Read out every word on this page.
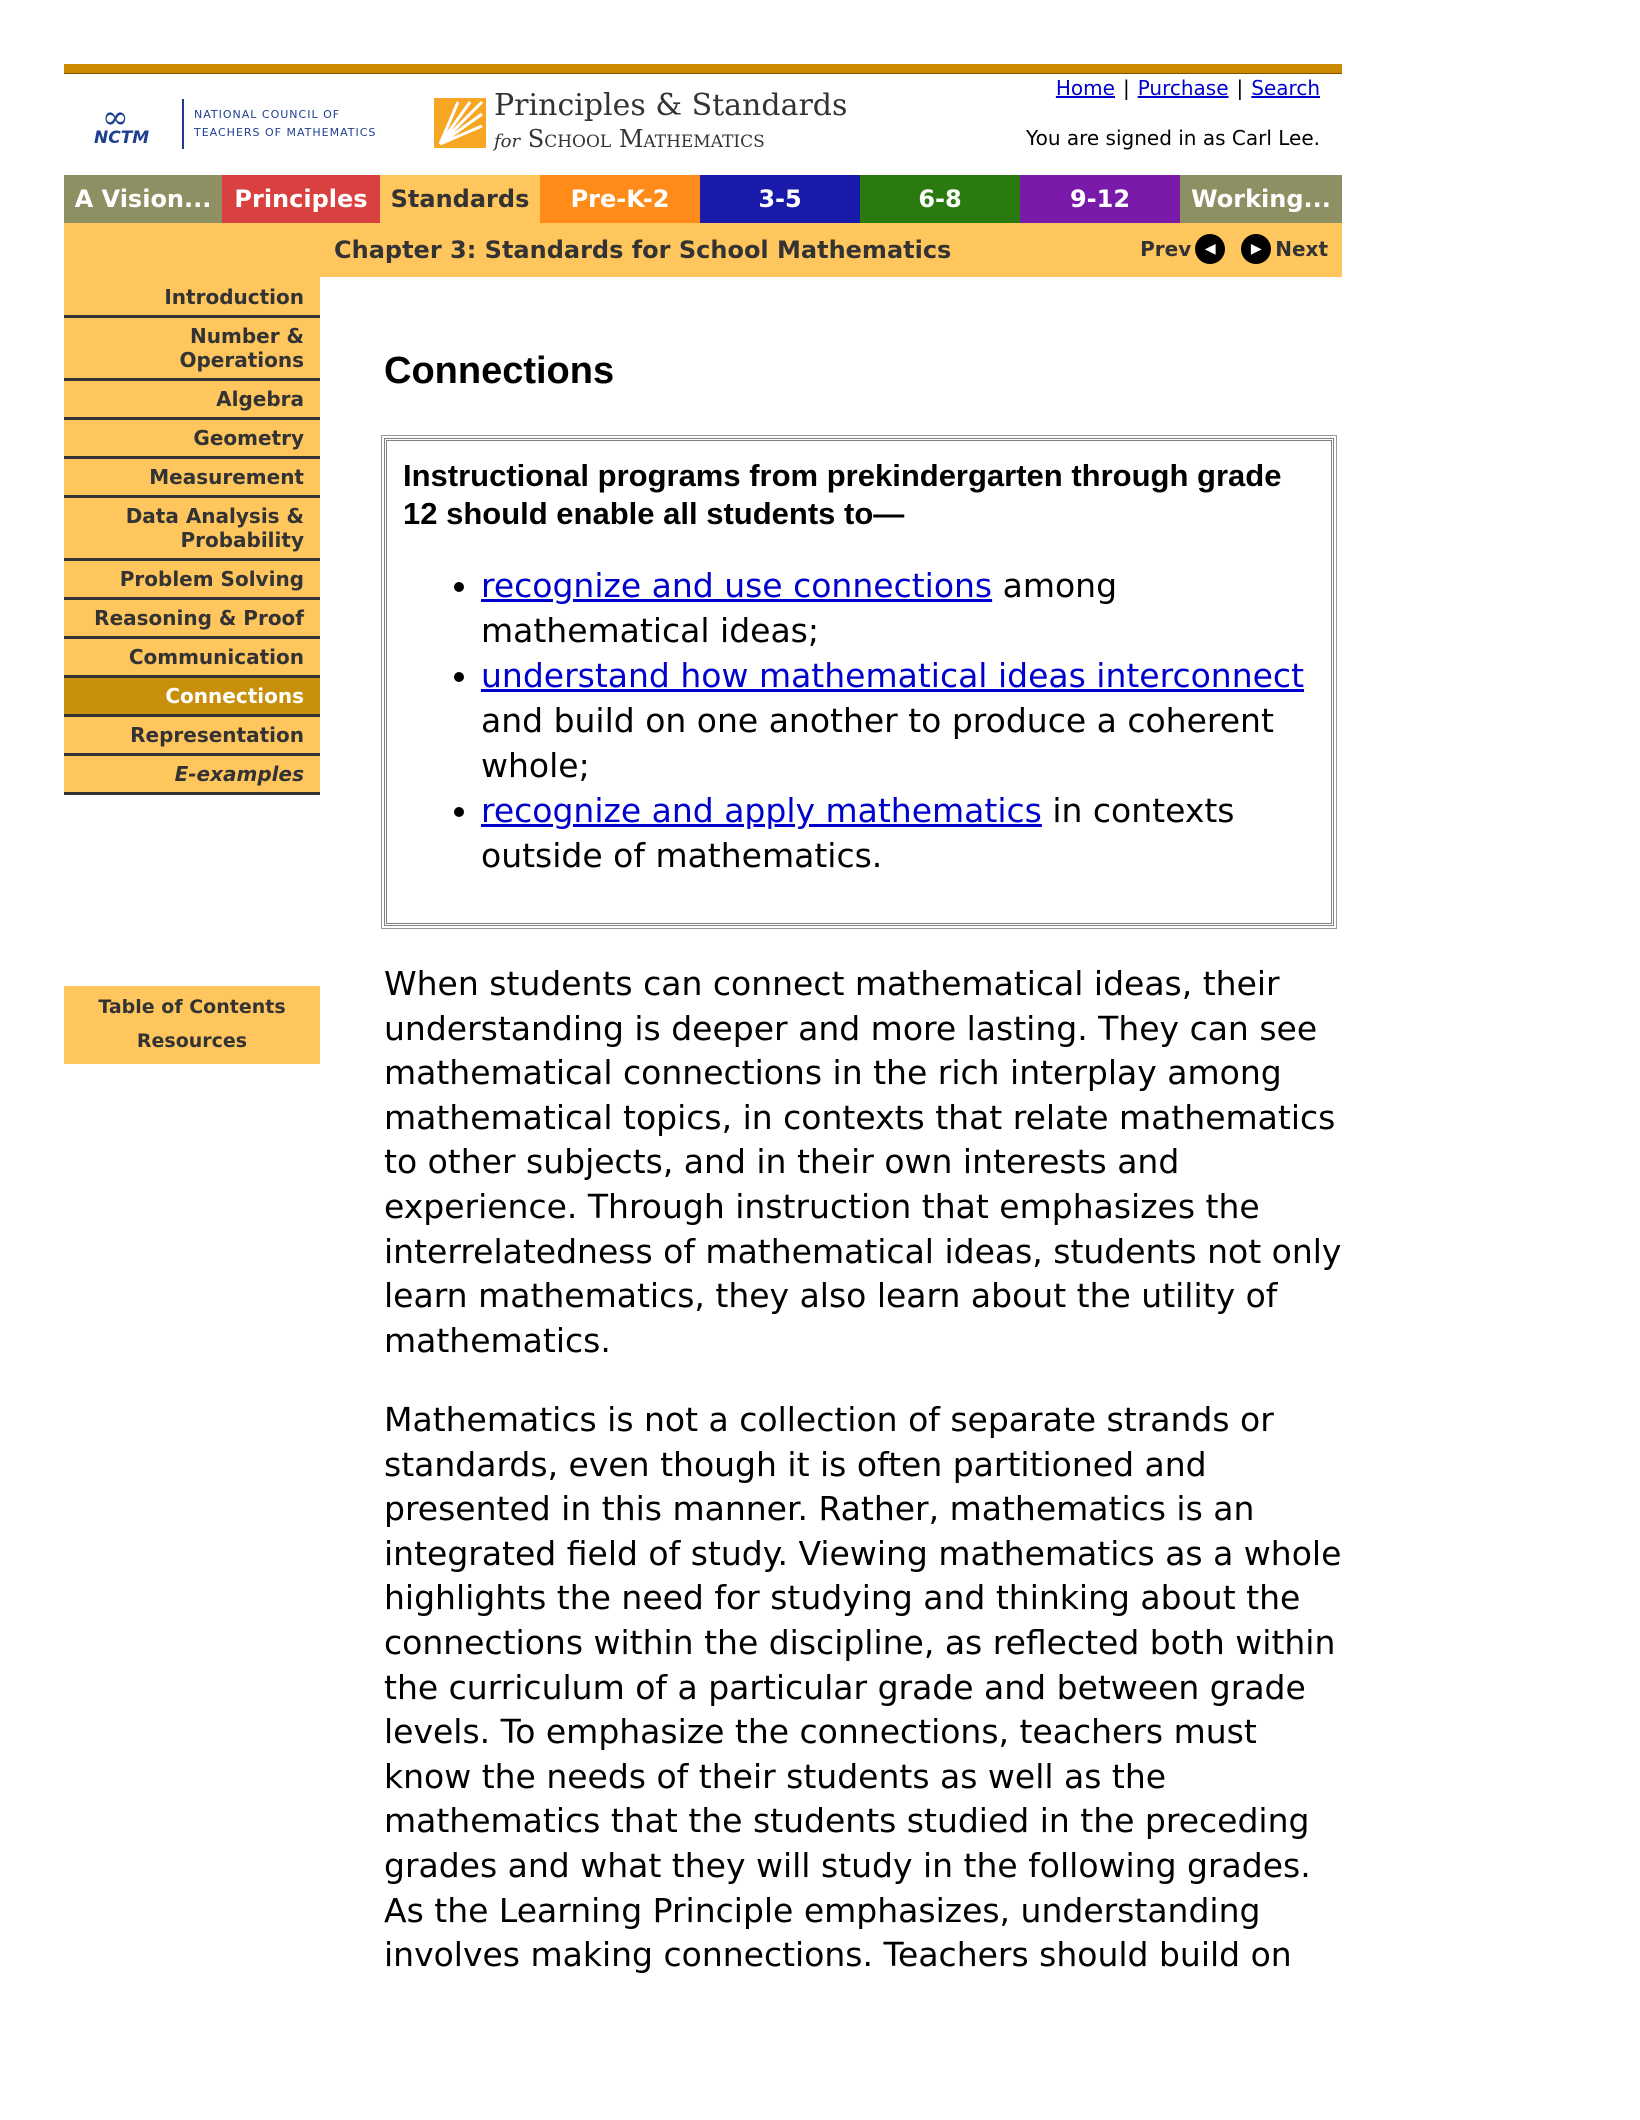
∞
NCTM
NATIONAL COUNCIL OF
TEACHERS OF MATHEMATICS
Principles & Standards
for School Mathematics
Home | Purchase | Search
You are signed in as Carl Lee.
A Vision... Principles Standards	Pre-K-2	3-5	6-8	9-12	Working...
Chapter 3: Standards for School Mathematics	Prev ◀	▶ Next
Introduction
Number &
Operations
Algebra
Geometry
Measurement
Data Analysis &
Probability
Problem Solving
Reasoning & Proof
Communication
Connections
Representation
E-examples
Table of Contents
Resources
Connections
Instructional programs from prekindergarten through grade 12 should enable all students to—
• recognize and use connections among mathematical ideas;
• understand how mathematical ideas interconnect and build on one another to produce a coherent whole;
• recognize and apply mathematics in contexts outside of mathematics.

When students can connect mathematical ideas, their understanding is deeper and more lasting. They can see mathematical connections in the rich interplay among mathematical topics, in contexts that relate mathematics to other subjects, and in their own interests and experience. Through instruction that emphasizes the interrelatedness of mathematical ideas, students not only learn mathematics, they also learn about the utility of mathematics.

Mathematics is not a collection of separate strands or standards, even though it is often partitioned and presented in this manner. Rather, mathematics is an integrated field of study. Viewing mathematics as a whole highlights the need for studying and thinking about the connections within the discipline, as reflected both within the curriculum of a particular grade and between grade levels. To emphasize the connections, teachers must know the needs of their students as well as the mathematics that the students studied in the preceding grades and what they will study in the following grades. As the Learning Principle emphasizes, understanding involves making connections. Teachers should build on
